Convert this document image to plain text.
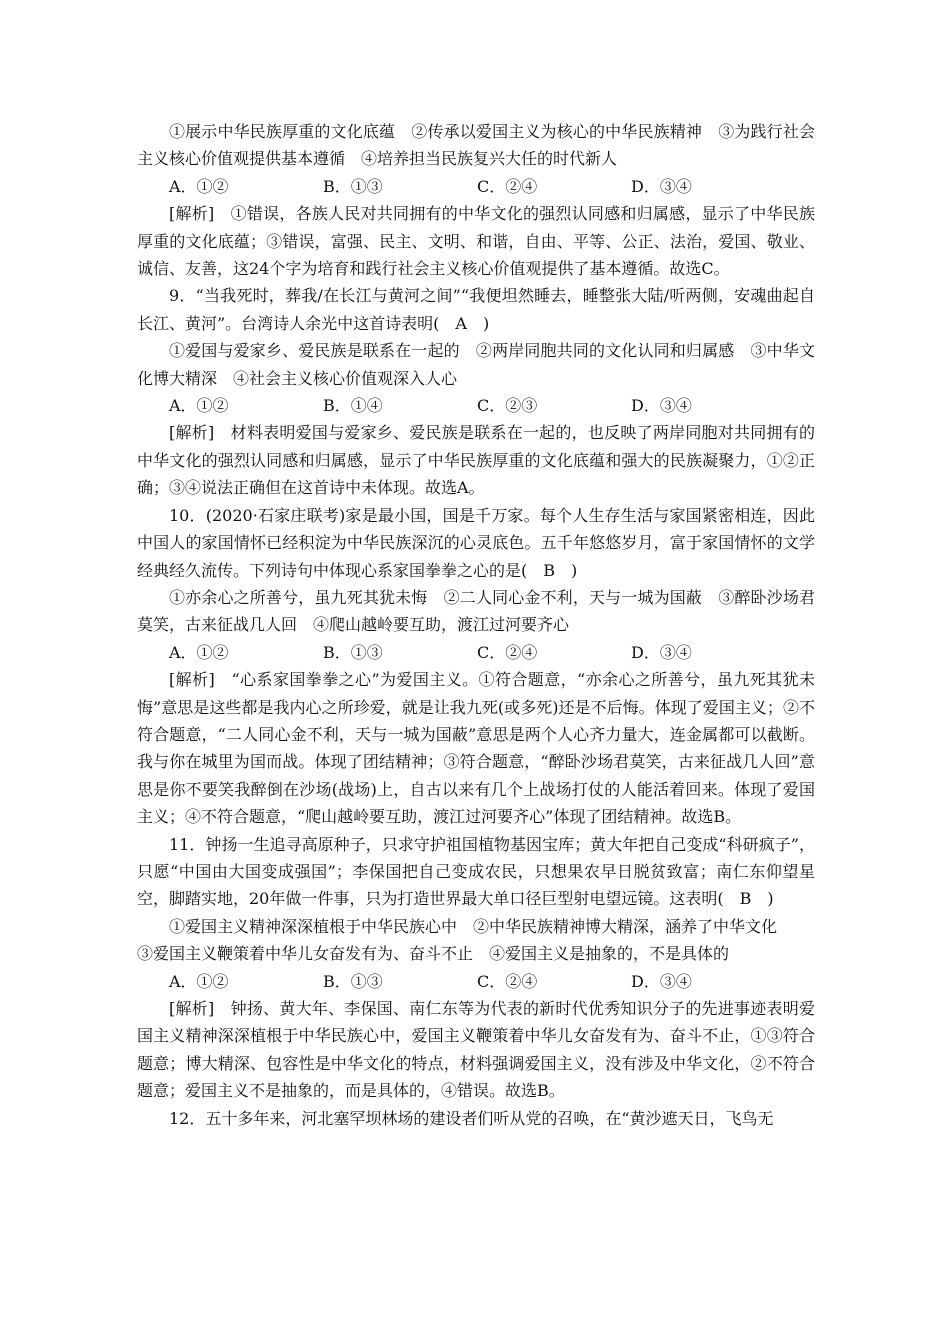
①展示中华民族厚重的文化底蕴　②传承以爱国主义为核心的中华民族精神　③为践行社会主义核心价值观提供基本遵循　④培养担当民族复兴大任的时代新人

A．①②	B．①③	C．②④	D．③④

[解析]　①错误，各族人民对共同拥有的中华文化的强烈认同感和归属感，显示了中华民族厚重的文化底蕴；③错误，富强、民主、文明、和谐，自由、平等、公正、法治，爱国、敬业、诚信、友善，这24个字为培育和践行社会主义核心价值观提供了基本遵循。故选C。

9．“当我死时，葬我/在长江与黄河之间”“我便坦然睡去，睡整张大陆/听两侧，安魂曲起自长江、黄河”。台湾诗人余光中这首诗表明(　A　)

①爱国与爱家乡、爱民族是联系在一起的　②两岸同胞共同的文化认同和归属感　③中华文化博大精深　④社会主义核心价值观深入人心

A．①②	B．①④	C．②③	D．③④

[解析]　材料表明爱国与爱家乡、爱民族是联系在一起的，也反映了两岸同胞对共同拥有的中华文化的强烈认同感和归属感，显示了中华民族厚重的文化底蕴和强大的民族凝聚力，①②正确；③④说法正确但在这首诗中未体现。故选A。

10．(2020·石家庄联考)家是最小国，国是千万家。每个人生存生活与家国紧密相连，因此中国人的家国情怀已经积淀为中华民族深沉的心灵底色。五千年悠悠岁月，富于家国情怀的文学经典经久流传。下列诗句中体现心系家国拳拳之心的是(　B　)

①亦余心之所善兮，虽九死其犹未悔　②二人同心金不利，天与一城为国蔽　③醉卧沙场君莫笑，古来征战几人回　④爬山越岭要互助，渡江过河要齐心

A．①②	B．①③	C．②④	D．③④

[解析]　“心系家国拳拳之心”为爱国主义。①符合题意，“亦余心之所善兮，虽九死其犹未悔”意思是这些都是我内心之所珍爱，就是让我九死(或多死)还是不后悔。体现了爱国主义；②不符合题意，“二人同心金不利，天与一城为国蔽”意思是两个人心齐力量大，连金属都可以截断。我与你在城里为国而战。体现了团结精神；③符合题意，“醉卧沙场君莫笑，古来征战几人回”意思是你不要笑我醉倒在沙场(战场)上，自古以来有几个上战场打仗的人能活着回来。体现了爱国主义；④不符合题意，“爬山越岭要互助，渡江过河要齐心”体现了团结精神。故选B。

11．钟扬一生追寻高原种子，只求守护祖国植物基因宝库；黄大年把自己变成“科研疯子”，只愿“中国由大国变成强国”；李保国把自己变成农民，只想果农早日脱贫致富；南仁东仰望星空，脚踏实地，20年做一件事，只为打造世界最大单口径巨型射电望远镜。这表明(　B　)

①爱国主义精神深深植根于中华民族心中　②中华民族精神博大精深，涵养了中华文化

③爱国主义鞭策着中华儿女奋发有为、奋斗不止　④爱国主义是抽象的，不是具体的

A．①②	B．①③	C．②④	D．③④

[解析]　钟扬、黄大年、李保国、南仁东等为代表的新时代优秀知识分子的先进事迹表明爱国主义精神深深植根于中华民族心中，爱国主义鞭策着中华儿女奋发有为、奋斗不止，①③符合题意；博大精深、包容性是中华文化的特点，材料强调爱国主义，没有涉及中华文化，②不符合题意；爱国主义不是抽象的，而是具体的，④错误。故选B。

12．五十多年来，河北塞罕坝林场的建设者们听从党的召唤，在“黄沙遮天日，飞鸟无
